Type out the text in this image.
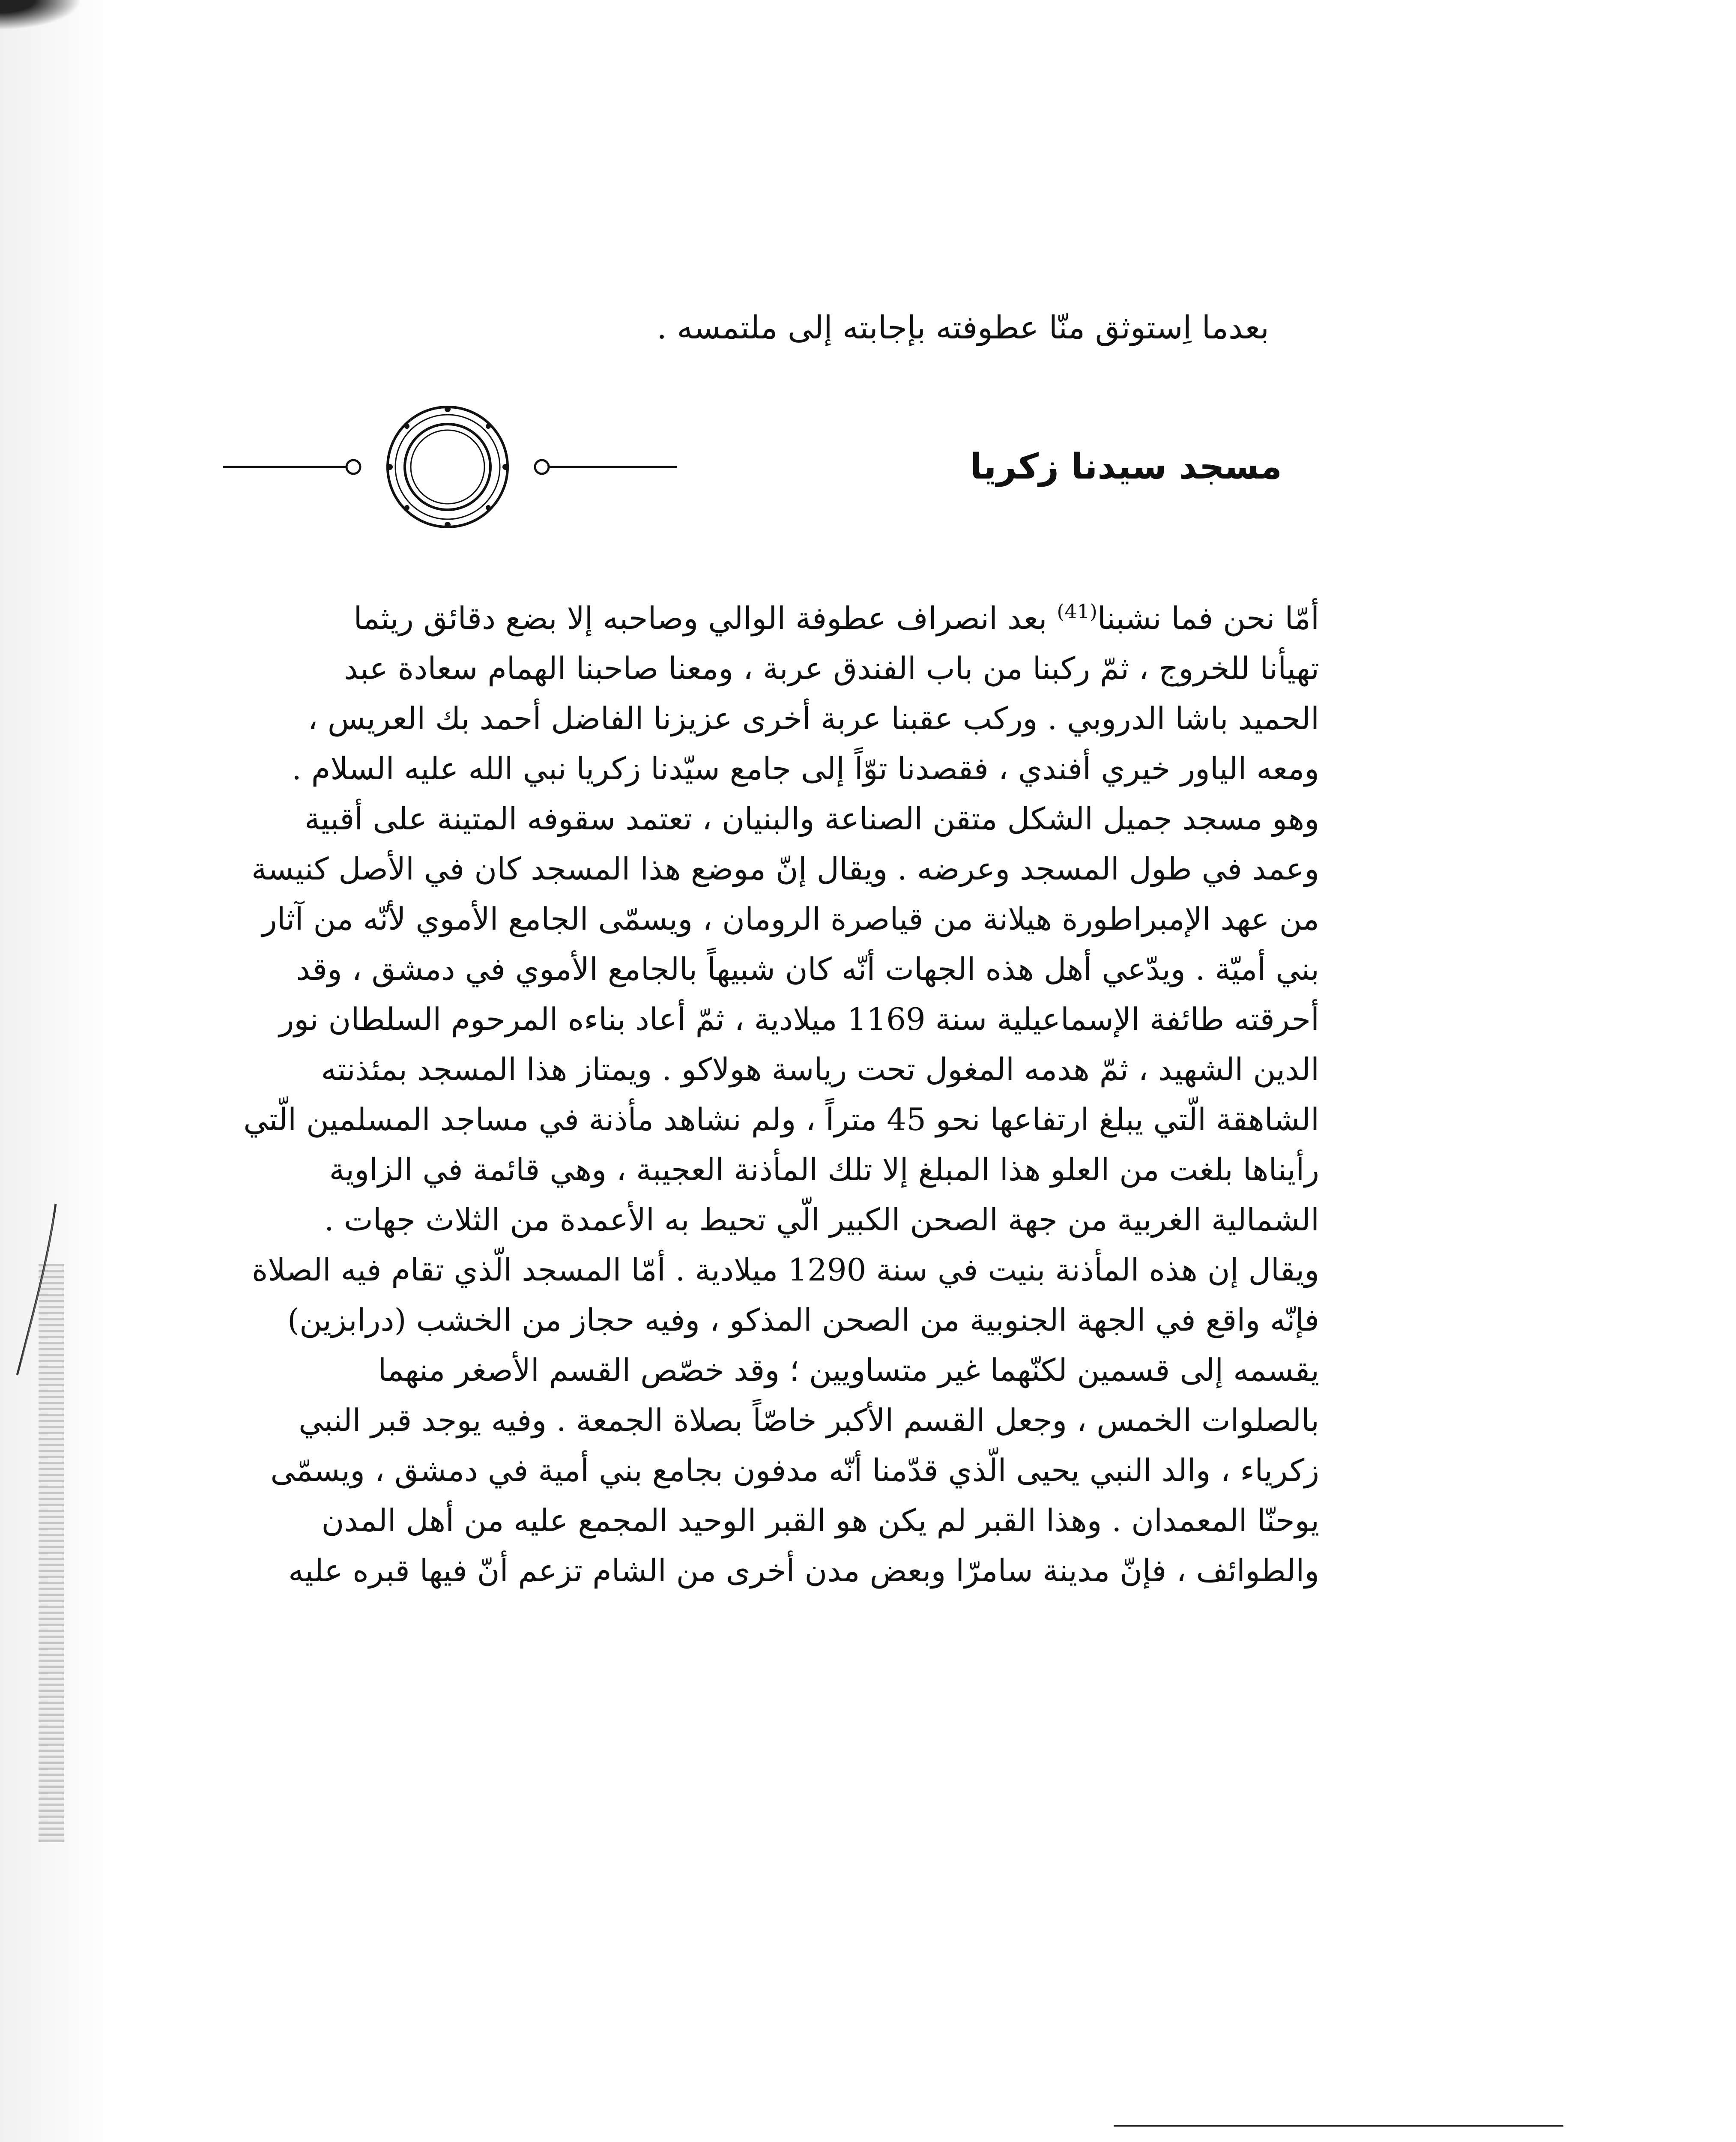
بعدما اِستوثق منّا عطوفته بإجابته إلى ملتمسه .
مسجد سيدنا زكريا
أمّا نحن فما نشبنا$^{(41)}$ بعد انصراف عطوفة الوالي وصاحبه إلا بضع دقائق ريثما
تهيأنا للخروج ، ثمّ ركبنا من باب الفندق عربة ، ومعنا صاحبنا الهمام سعادة عبد
الحميد باشا الدروبي . وركب عقبنا عربة أخرى عزيزنا الفاضل أحمد بك العريس ،
ومعه الياور خيري أفندي ، فقصدنا توّاً إلى جامع سيّدنا زكريا نبي الله عليه السلام .
وهو مسجد جميل الشكل متقن الصناعة والبنيان ، تعتمد سقوفه المتينة على أقبية
وعمد في طول المسجد وعرضه . ويقال إنّ موضع هذا المسجد كان في الأصل كنيسة
من عهد الإمبراطورة هيلانة من قياصرة الرومان ، ويسمّى الجامع الأموي لأنّه من آثار
بني أميّة . ويدّعي أهل هذه الجهات أنّه كان شبيهاً بالجامع الأموي في دمشق ، وقد
أحرقته طائفة الإسماعيلية سنة 1169 ميلادية ، ثمّ أعاد بناءه المرحوم السلطان نور
الدين الشهيد ، ثمّ هدمه المغول تحت رياسة هولاكو . ويمتاز هذا المسجد بمئذنته
الشاهقة الّتي يبلغ ارتفاعها نحو 45 متراً ، ولم نشاهد مأذنة في مساجد المسلمين الّتي
رأيناها بلغت من العلو هذا المبلغ إلا تلك المأذنة العجيبة ، وهي قائمة في الزاوية
الشمالية الغربية من جهة الصحن الكبير الّي تحيط به الأعمدة من الثلاث جهات .
ويقال إن هذه المأذنة بنيت في سنة 1290 ميلادية . أمّا المسجد الّذي تقام فيه الصلاة
فإنّه واقع في الجهة الجنوبية من الصحن المذكو ، وفيه حجاز من الخشب (درابزين)
يقسمه إلى قسمين لكنّهما غير متساويين ؛ وقد خصّص القسم الأصغر منهما
بالصلوات الخمس ، وجعل القسم الأكبر خاصّاً بصلاة الجمعة . وفيه يوجد قبر النبي
زكرياء ، والد النبي يحيى الّذي قدّمنا أنّه مدفون بجامع بني أمية في دمشق ، ويسمّى
يوحنّا المعمدان . وهذا القبر لم يكن هو القبر الوحيد المجمع عليه من أهل المدن
والطوائف ، فإنّ مدينة سامرّا وبعض مدن أخرى من الشام تزعم أنّ فيها قبره عليه
